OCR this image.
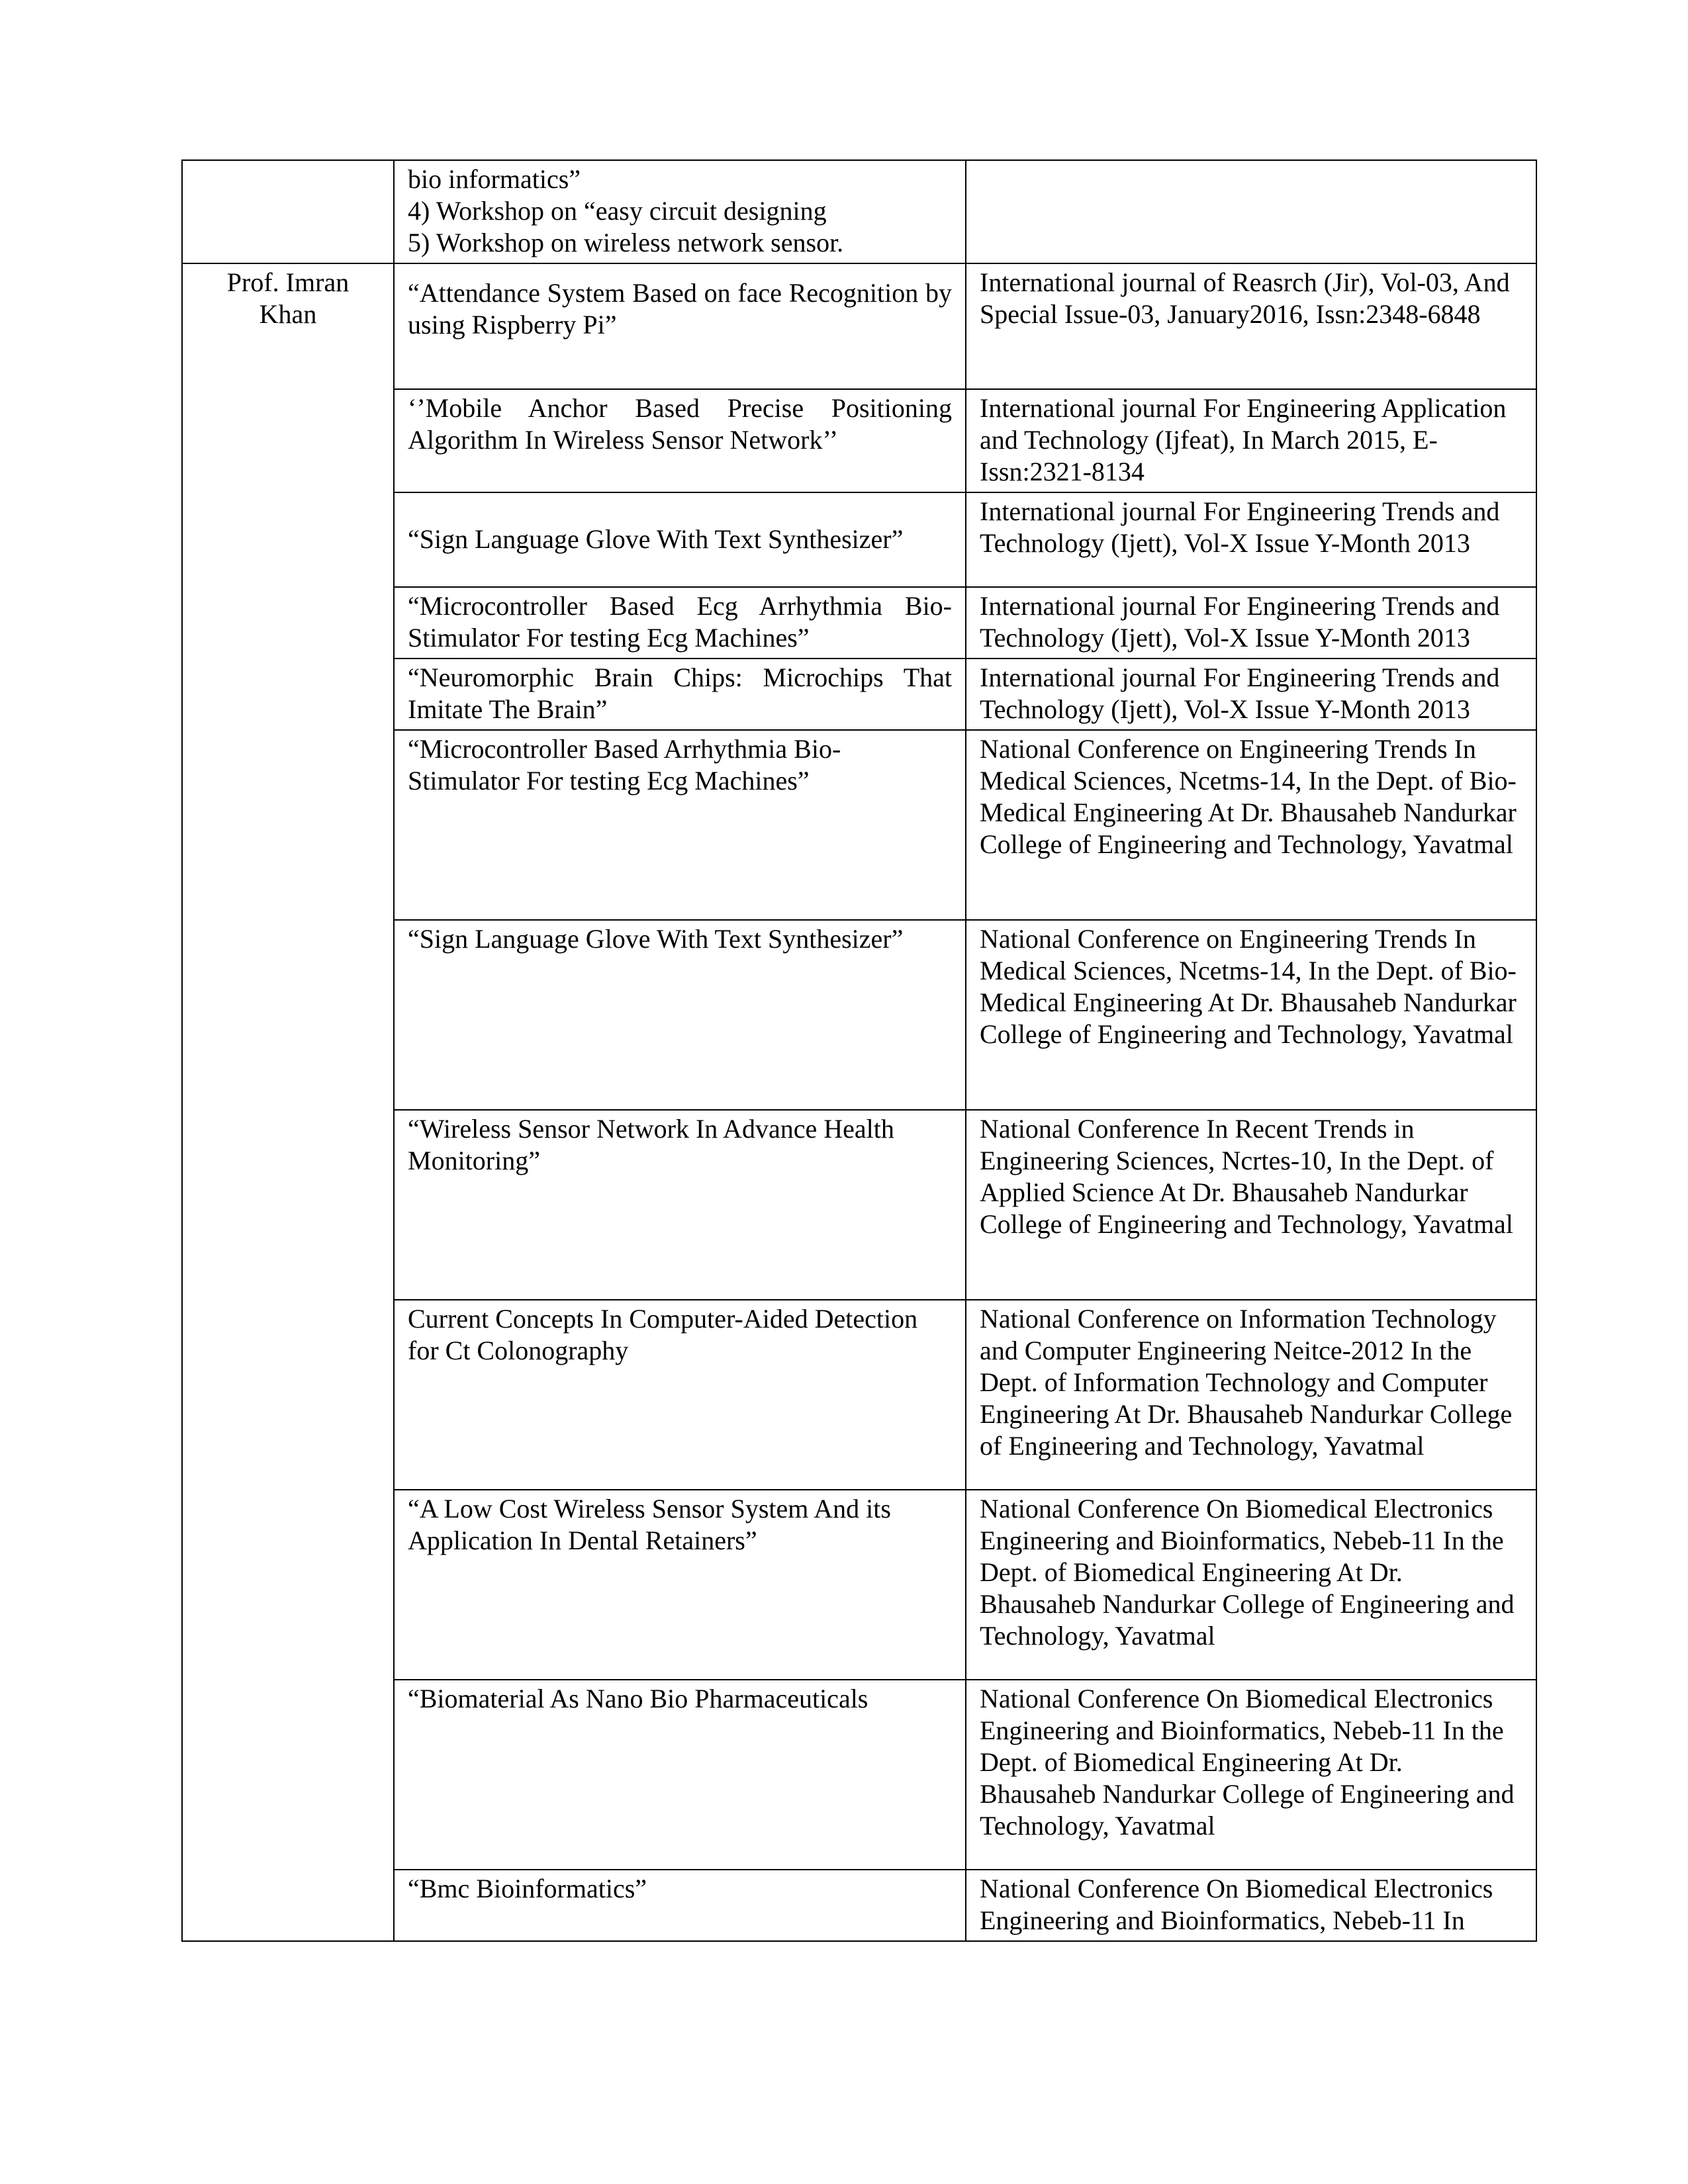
	bio informatics”
4) Workshop on “easy circuit designing
5) Workshop on wireless network sensor.	

Prof. Imran Khan	“Attendance System Based on face Recognition by using Rispberry Pi”	International journal of Reasrch (Jir), Vol-03, And Special Issue-03, January2016, Issn:2348-6848
	‘’Mobile Anchor Based Precise Positioning Algorithm In Wireless Sensor Network’’	International journal For Engineering Application and Technology (Ijfeat), In March 2015, E-Issn:2321-8134
	“Sign Language Glove With Text Synthesizer”	International journal For Engineering Trends and Technology (Ijett), Vol-X Issue Y-Month 2013
	“Microcontroller Based Ecg Arrhythmia Bio-Stimulator For testing Ecg Machines”	International journal For Engineering Trends and Technology (Ijett), Vol-X Issue Y-Month 2013
	“Neuromorphic Brain Chips: Microchips That Imitate The Brain”	International journal For Engineering Trends and Technology (Ijett), Vol-X Issue Y-Month 2013
	“Microcontroller Based Arrhythmia Bio-Stimulator For testing Ecg Machines”	National Conference on Engineering Trends In Medical Sciences, Ncetms-14, In the Dept. of Bio-Medical Engineering At Dr. Bhausaheb Nandurkar College of Engineering and Technology, Yavatmal
	“Sign Language Glove With Text Synthesizer”	National Conference on Engineering Trends In Medical Sciences, Ncetms-14, In the Dept. of Bio-Medical Engineering At Dr. Bhausaheb Nandurkar College of Engineering and Technology, Yavatmal
	“Wireless Sensor Network In Advance Health Monitoring”	National Conference In Recent Trends in Engineering Sciences, Ncrtes-10, In the Dept. of Applied Science At Dr. Bhausaheb Nandurkar College of Engineering and Technology, Yavatmal
	Current Concepts In Computer-Aided Detection for Ct Colonography	National Conference on Information Technology and Computer Engineering Neitce-2012 In the Dept. of Information Technology and Computer Engineering At Dr. Bhausaheb Nandurkar College of Engineering and Technology, Yavatmal
	“A Low Cost Wireless Sensor System And its Application In Dental Retainers”	National Conference On Biomedical Electronics Engineering and Bioinformatics, Nebeb-11 In the Dept. of Biomedical Engineering At Dr. Bhausaheb Nandurkar College of Engineering and Technology, Yavatmal
	“Biomaterial As Nano Bio Pharmaceuticals	National Conference On Biomedical Electronics Engineering and Bioinformatics, Nebeb-11 In the Dept. of Biomedical Engineering At Dr. Bhausaheb Nandurkar College of Engineering and Technology, Yavatmal
	“Bmc Bioinformatics”	National Conference On Biomedical Electronics Engineering and Bioinformatics, Nebeb-11 In
